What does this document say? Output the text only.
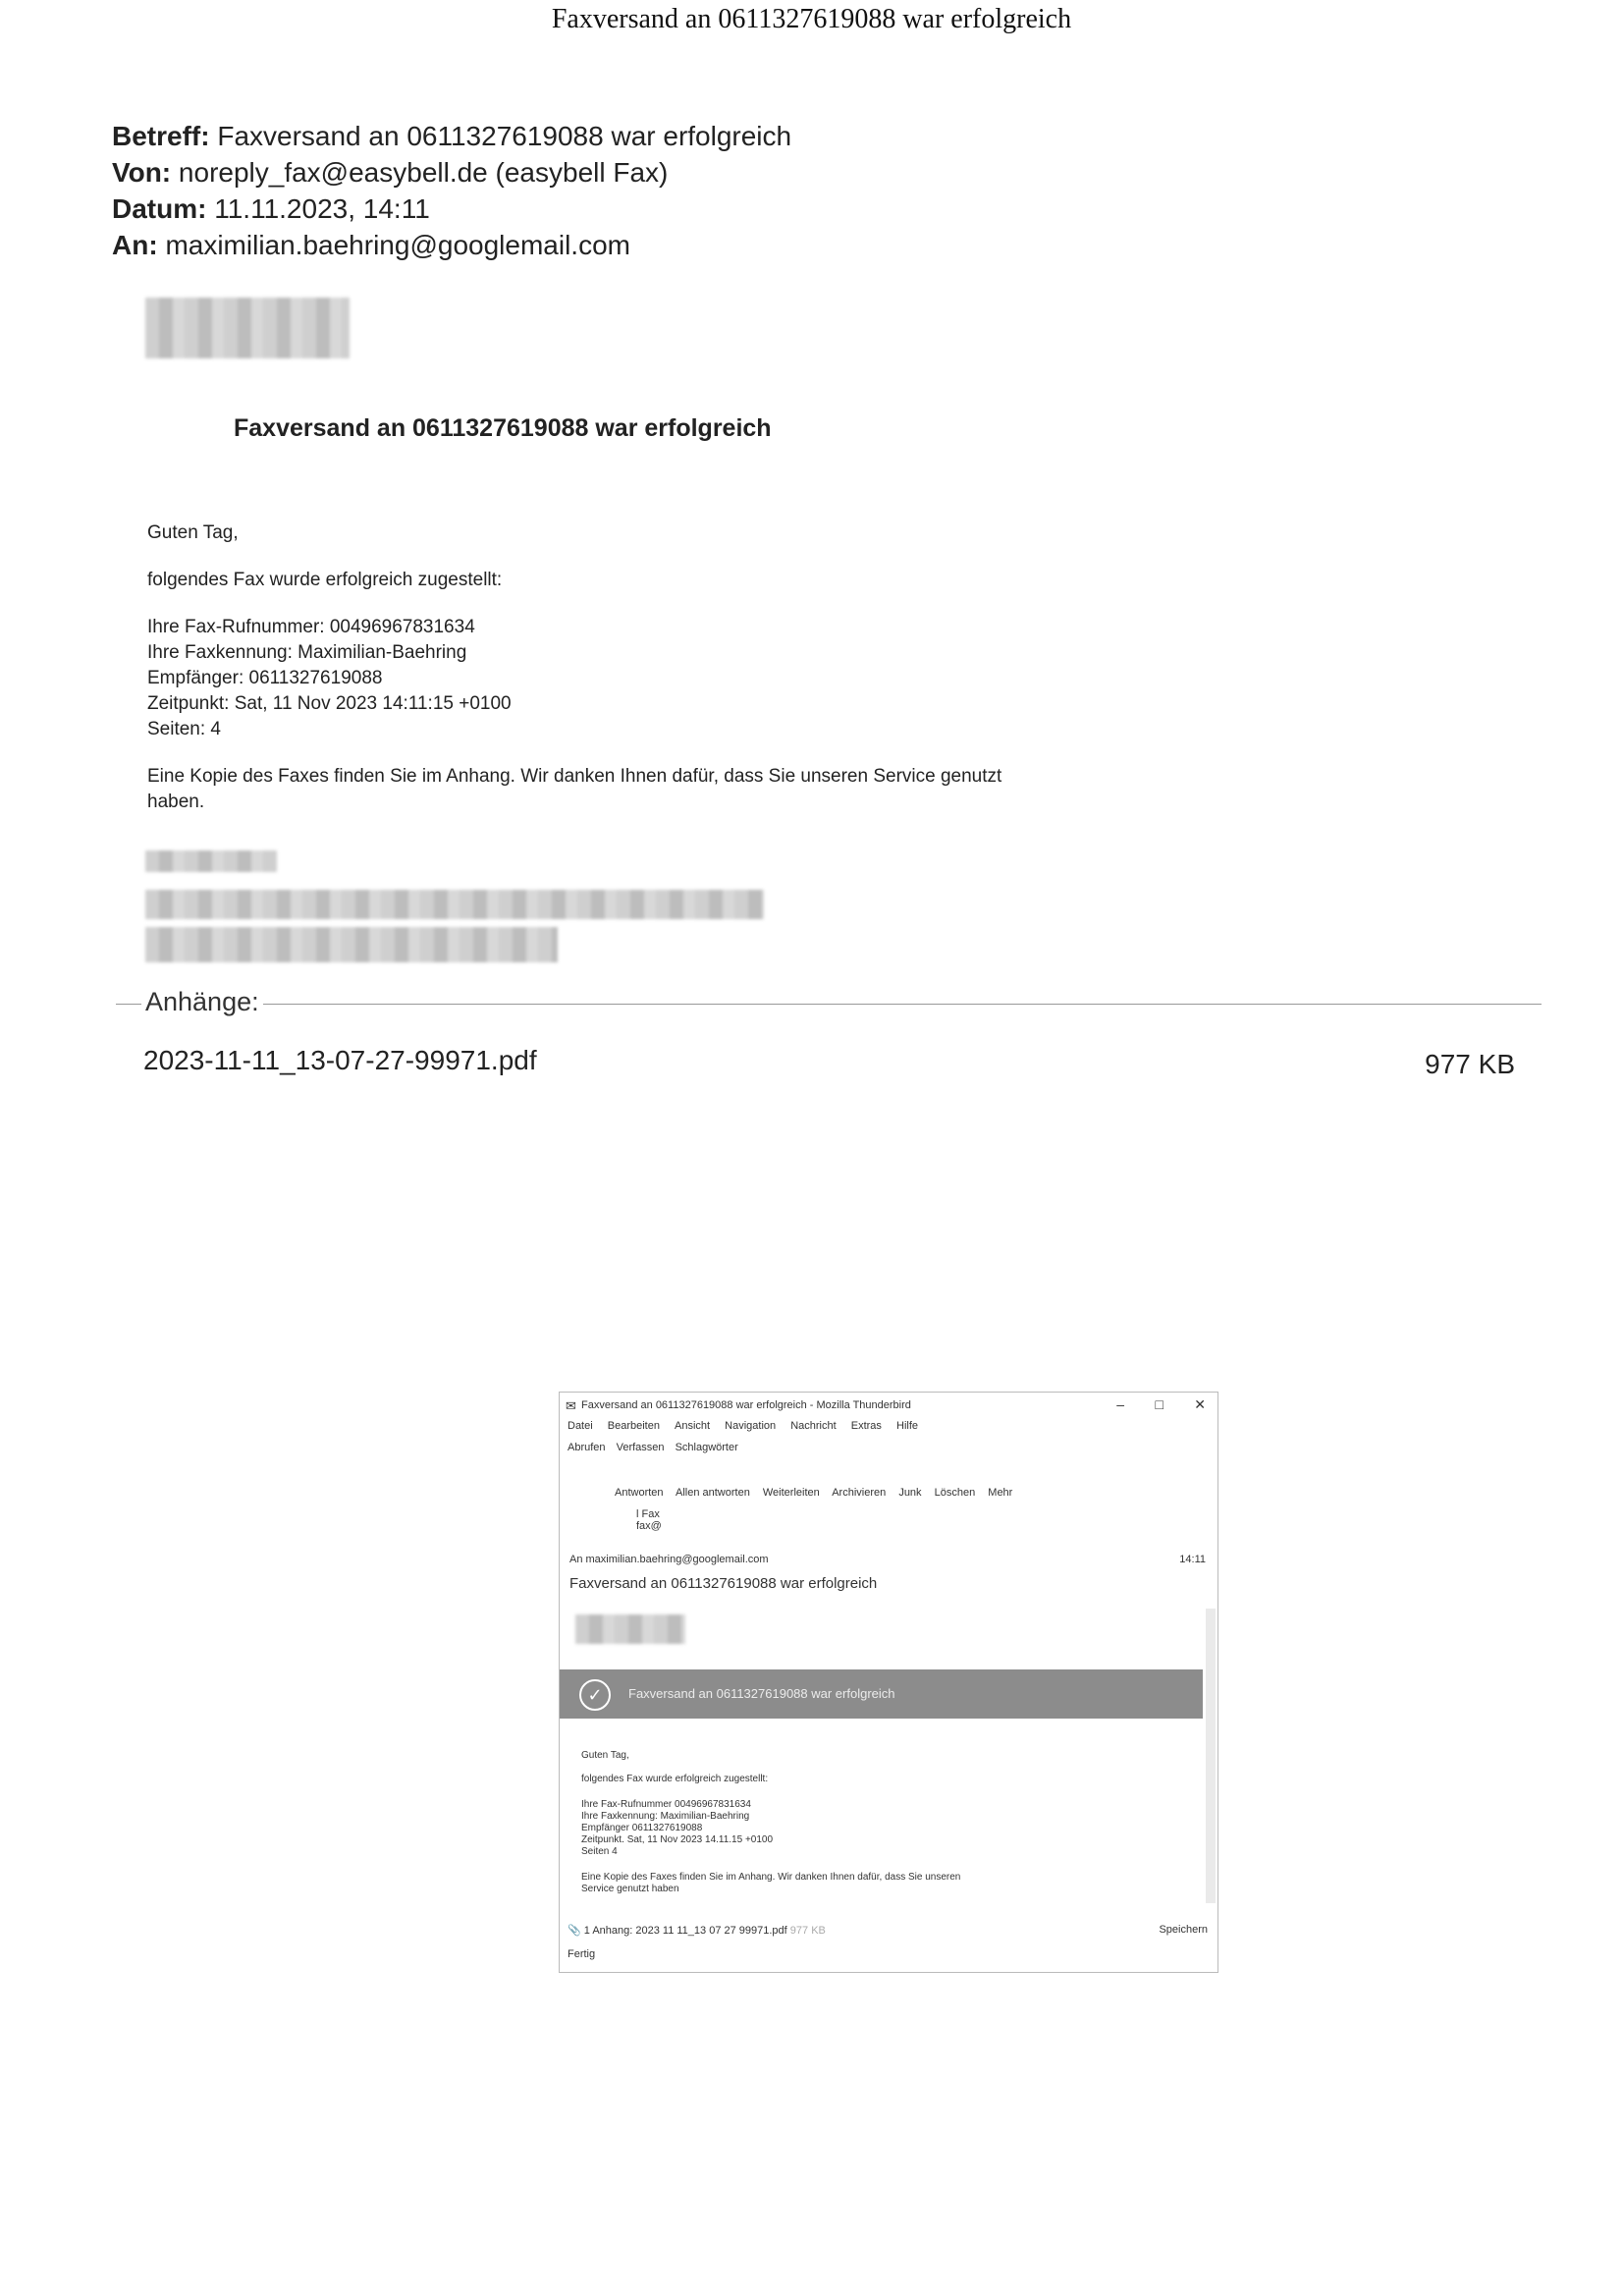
Faxversand an 0611327619088 war erfolgreich
Betreff: Faxversand an 0611327619088 war erfolgreich
Von: noreply_fax@easybell.de (easybell Fax)
Datum: 11.11.2023, 14:11
An: maximilian.baehring@googlemail.com
Faxversand an 0611327619088 war erfolgreich
Guten Tag,
folgendes Fax wurde erfolgreich zugestellt:
Ihre Fax-Rufnummer: 00496967831634
Ihre Faxkennung: Maximilian-Baehring
Empfänger: 0611327619088
Zeitpunkt: Sat, 11 Nov 2023 14:11:15 +0100
Seiten: 4
Eine Kopie des Faxes finden Sie im Anhang. Wir danken Ihnen dafür, dass Sie unseren Service genutzt
haben.
Anhänge:
2023-11-11_13-07-27-99971.pdf	977 KB
✉ Faxversand an 0611327619088 war erfolgreich - Mozilla Thunderbird	– □ ✕
Datei Bearbeiten Ansicht Navigation Nachricht Extras Hilfe
Abrufen Verfassen Schlagwörter
Antworten Allen antworten Weiterleiten Archivieren Junk Löschen Mehr
l Fax
fax@
An maximilian.baehring@googlemail.com	14:11
Faxversand an 0611327619088 war erfolgreich
✓	Faxversand an 0611327619088 war erfolgreich
Guten Tag,
folgendes Fax wurde erfolgreich zugestellt:
Ihre Fax-Rufnummer 00496967831634
Ihre Faxkennung: Maximilian-Baehring
Empfänger 0611327619088
Zeitpunkt. Sat, 11 Nov 2023 14.11.15 +0100
Seiten 4
Eine Kopie des Faxes finden Sie im Anhang. Wir danken Ihnen dafür, dass Sie unseren
Service genutzt haben
📎 1 Anhang: 2023 11 11_13 07 27 99971.pdf 977 KB	Speichern
Fertig
